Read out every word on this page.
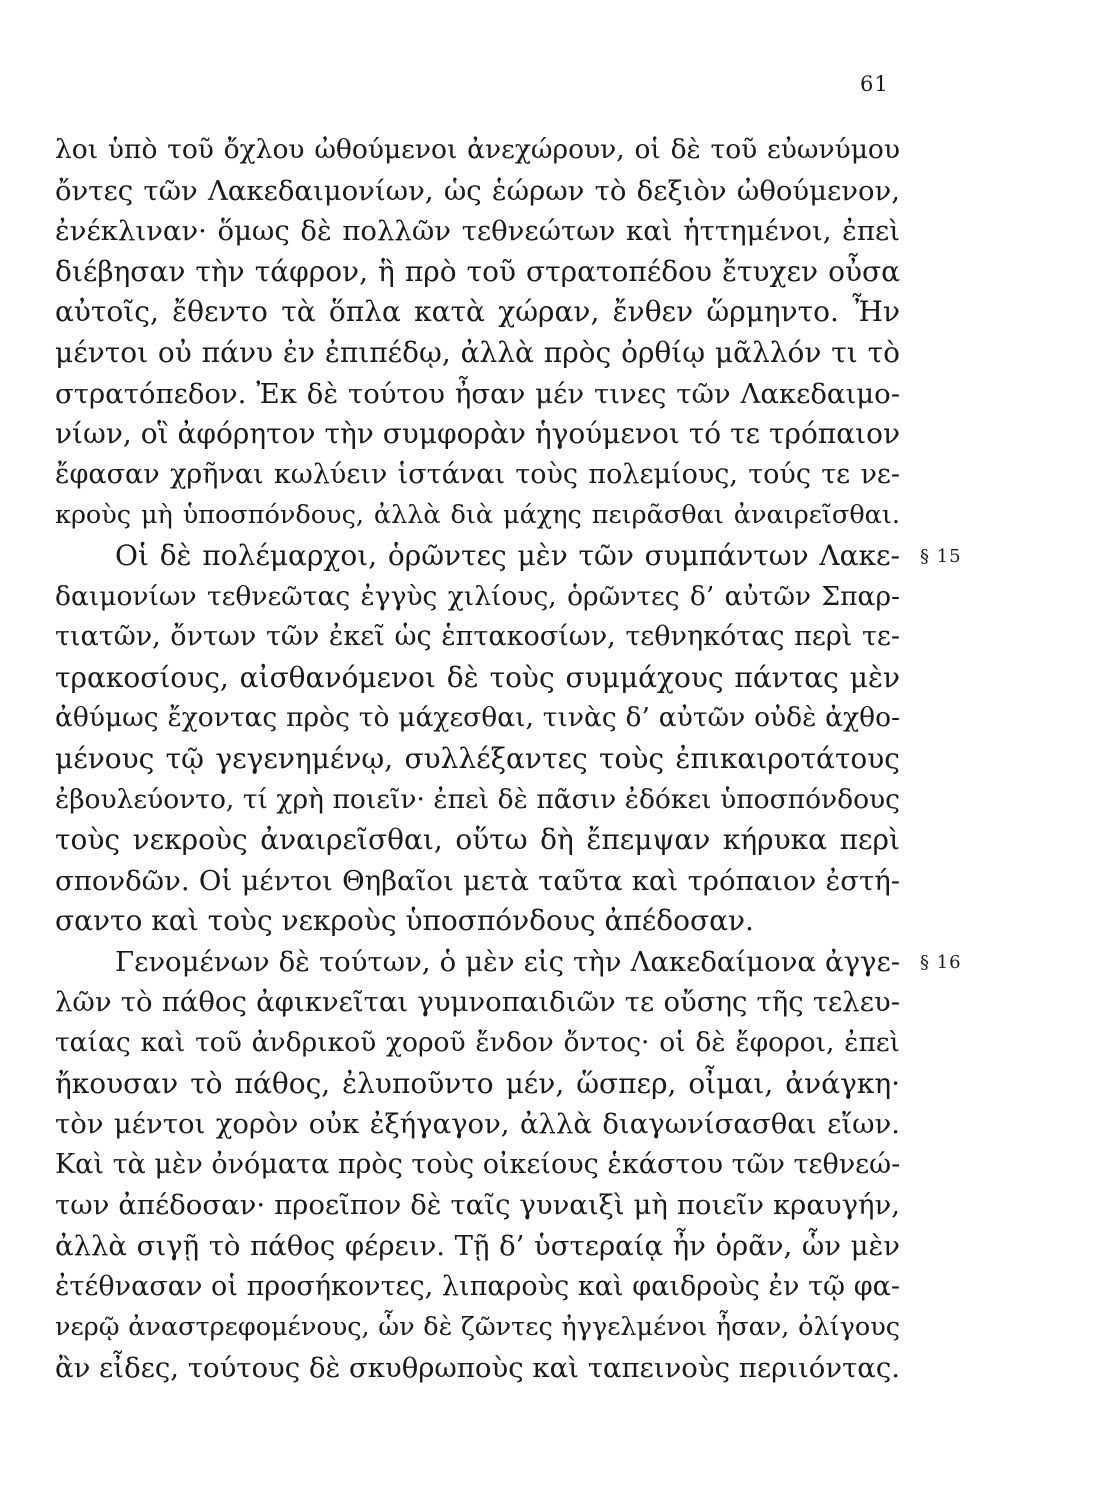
61
λοι ὑπὸ τοῦ ὄχλου ὠθούμενοι ἀνεχώρουν, οἱ δὲ τοῦ εὐωνύμου
ὄντες τῶν Λακεδαιμονίων, ὡς ἑώρων τὸ δεξιὸν ὠθούμενον,
ἐνέκλιναν· ὅμως δὲ πολλῶν τεθνεώτων καὶ ἡττημένοι, ἐπεὶ
διέβησαν τὴν τάφρον, ἣ πρὸ τοῦ στρατοπέδου ἔτυχεν οὖσα
αὐτοῖς, ἔθεντο τὰ ὅπλα κατὰ χώραν, ἔνθεν ὥρμηντο. Ἦν
μέντοι οὐ πάνυ ἐν ἐπιπέδῳ, ἀλλὰ πρὸς ὀρθίῳ μᾶλλόν τι τὸ
στρατόπεδον. Ἐκ δὲ τούτου ἦσαν μέν τινες τῶν Λακεδαιμο-
νίων, οἳ ἀφόρητον τὴν συμφορὰν ἡγούμενοι τό τε τρόπαιον
ἔφασαν χρῆναι κωλύειν ἱστάναι τοὺς πολεμίους, τούς τε νε-
κροὺς μὴ ὑποσπόνδους, ἀλλὰ διὰ μάχης πειρᾶσθαι ἀναιρεῖσθαι.
Οἱ δὲ πολέμαρχοι, ὁρῶντες μὲν τῶν συμπάντων Λακε-
δαιμονίων τεθνεῶτας ἐγγὺς χιλίους, ὁρῶντες δ’ αὐτῶν Σπαρ-
τιατῶν, ὄντων τῶν ἐκεῖ ὡς ἑπτακοσίων, τεθνηκότας περὶ τε-
τρακοσίους, αἰσθανόμενοι δὲ τοὺς συμμάχους πάντας μὲν
ἀθύμως ἔχοντας πρὸς τὸ μάχεσθαι, τινὰς δ’ αὐτῶν οὐδὲ ἀχθο-
μένους τῷ γεγενημένῳ, συλλέξαντες τοὺς ἐπικαιροτάτους
ἐβουλεύοντο, τί χρὴ ποιεῖν· ἐπεὶ δὲ πᾶσιν ἐδόκει ὑποσπόνδους
τοὺς νεκροὺς ἀναιρεῖσθαι, οὕτω δὴ ἔπεμψαν κήρυκα περὶ
σπονδῶν. Οἱ μέντοι Θηβαῖοι μετὰ ταῦτα καὶ τρόπαιον ἐστή-
σαντο καὶ τοὺς νεκροὺς ὑποσπόνδους ἀπέδοσαν.
Γενομένων δὲ τούτων, ὁ μὲν εἰς τὴν Λακεδαίμονα ἀγγε-
λῶν τὸ πάθος ἀφικνεῖται γυμνοπαιδιῶν τε οὔσης τῆς τελευ-
ταίας καὶ τοῦ ἀνδρικοῦ χοροῦ ἔνδον ὄντος· οἱ δὲ ἔφοροι, ἐπεὶ
ἤκουσαν τὸ πάθος, ἐλυποῦντο μέν, ὥσπερ, οἶμαι, ἀνάγκη·
τὸν μέντοι χορὸν οὐκ ἐξήγαγον, ἀλλὰ διαγωνίσασθαι εἴων.
Καὶ τὰ μὲν ὀνόματα πρὸς τοὺς οἰκείους ἑκάστου τῶν τεθνεώ-
των ἀπέδοσαν· προεῖπον δὲ ταῖς γυναιξὶ μὴ ποιεῖν κραυγήν,
ἀλλὰ σιγῇ τὸ πάθος φέρειν. Τῇ δ’ ὑστεραίᾳ ἦν ὁρᾶν, ὧν μὲν
ἐτέθνασαν οἱ προσήκοντες, λιπαροὺς καὶ φαιδροὺς ἐν τῷ φα-
νερῷ ἀναστρεφομένους, ὧν δὲ ζῶντες ἠγγελμένοι ἦσαν, ὀλίγους
ἂν εἶδες, τούτους δὲ σκυθρωποὺς καὶ ταπεινοὺς περιιόντας.
§ 15
§ 16
